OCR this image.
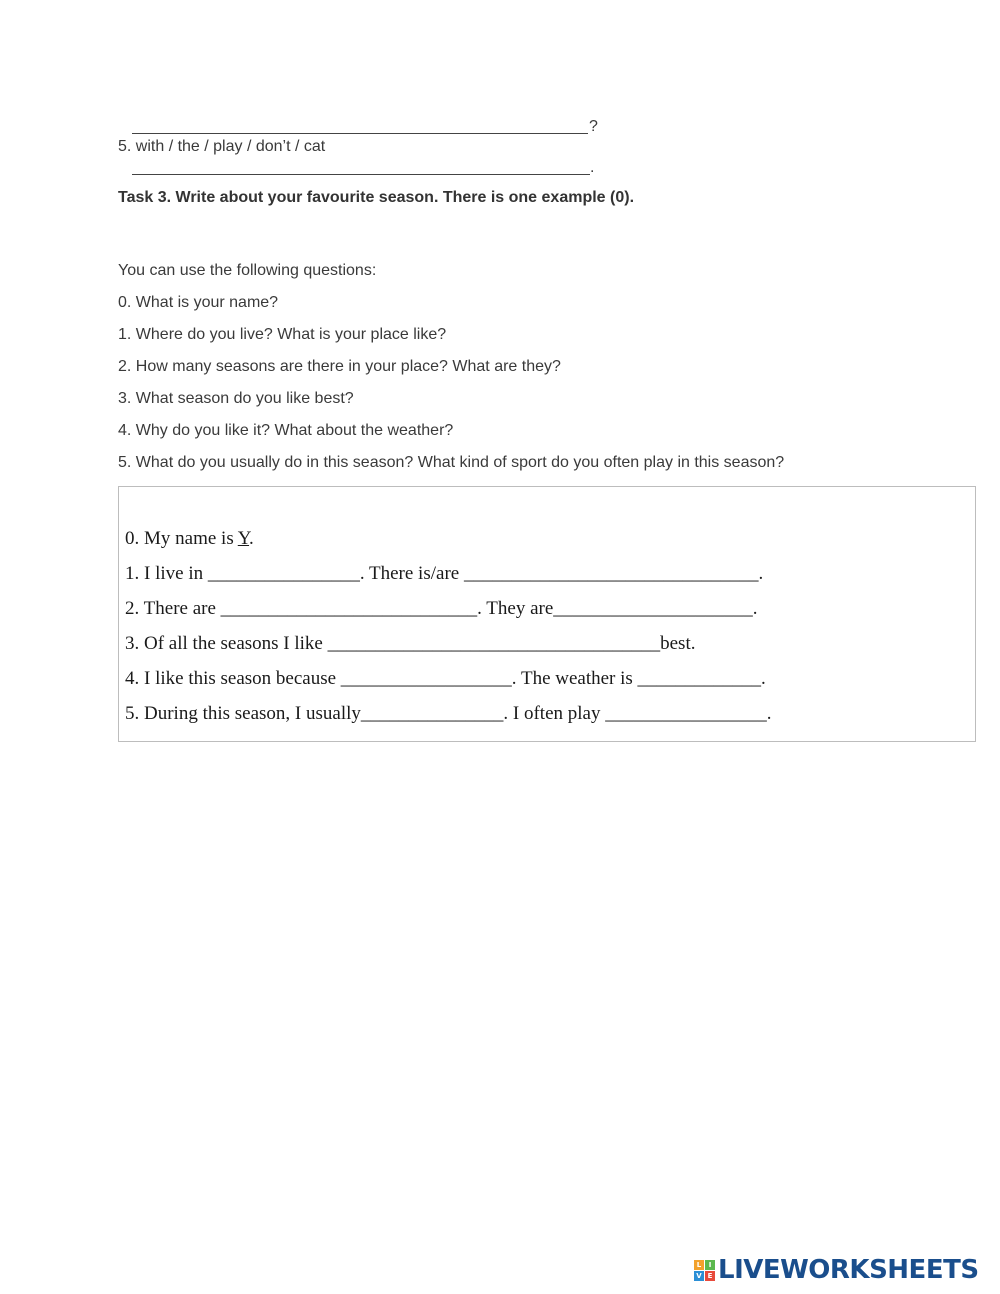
?
5. with / the / play / don’t / cat
.
Task 3. Write about your favourite season. There is one example (0).
You can use the following questions:
0. What is your name?
1. Where do you live? What is your place like?
2. How many seasons are there in your place? What are they?
3. What season do you like best?
4. Why do you like it? What about the weather?
5. What do you usually do in this season? What kind of sport do you often play in this season?
0. My name is Y.
1. I live in ________________. There is/are _______________________________.
2. There are ___________________________. They are_____________________.
3. Of all the seasons I like ___________________________________best.
4. I like this season because __________________. The weather is _____________.
5. During this season, I usually_______________. I often play _________________.
L	I
V E LIVEWORKSHEETS
